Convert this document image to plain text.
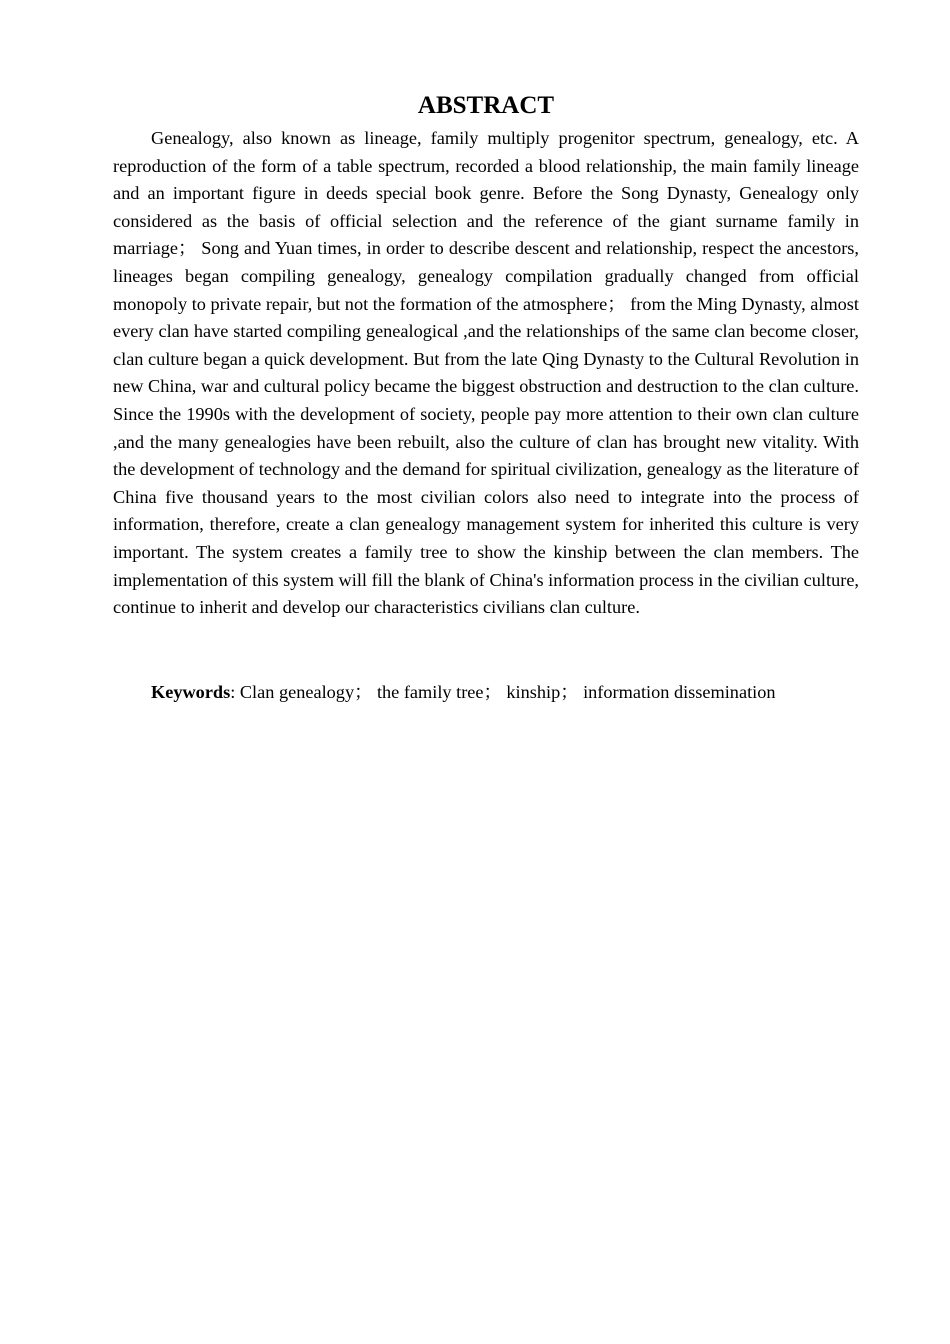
ABSTRACT

Genealogy, also known as lineage, family multiply progenitor spectrum, genealogy, etc. A reproduction of the form of a table spectrum, recorded a blood relationship, the main family lineage and an important figure in deeds special book genre. Before the Song Dynasty, Genealogy only considered as the basis of official selection and the reference of the giant surname family in marriage； Song and Yuan times, in order to describe descent and relationship, respect the ancestors, lineages began compiling genealogy, genealogy compilation gradually changed from official monopoly to private repair, but not the formation of the atmosphere； from the Ming Dynasty, almost every clan have started compiling genealogical ,and the relationships of the same clan become closer, clan culture began a quick development. But from the late Qing Dynasty to the Cultural Revolution in new China, war and cultural policy became the biggest obstruction and destruction to the clan culture. Since the 1990s with the development of society, people pay more attention to their own clan culture ,and the many genealogies have been rebuilt, also the culture of clan has brought new vitality. With the development of technology and the demand for spiritual civilization, genealogy as the literature of China five thousand years to the most civilian colors also need to integrate into the process of information, therefore, create a clan genealogy management system for inherited this culture is very important. The system creates a family tree to show the kinship between the clan members. The implementation of this system will fill the blank of China's information process in the civilian culture, continue to inherit and develop our characteristics civilians clan culture.

Keywords: Clan genealogy； the family tree； kinship； information dissemination
